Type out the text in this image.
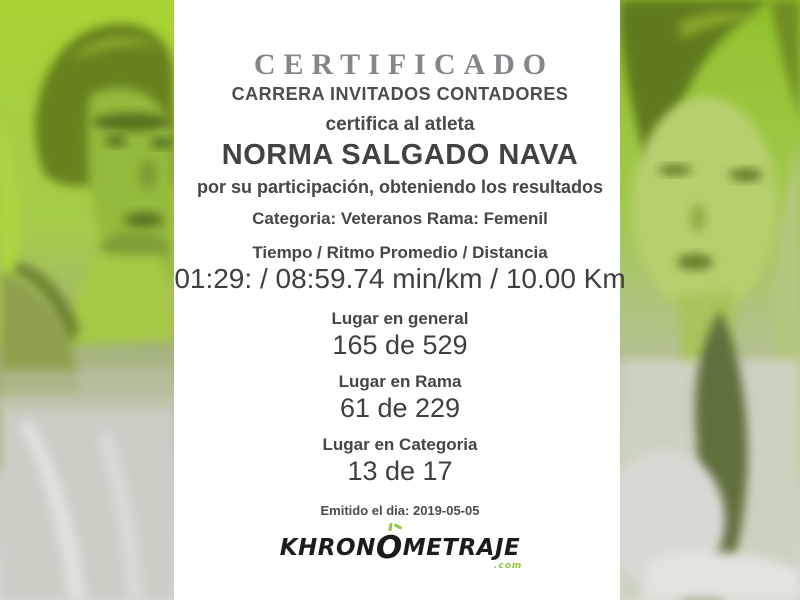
CERTIFICADO
CARRERA INVITADOS CONTADORES
certifica al atleta
NORMA SALGADO NAVA
por su participación, obteniendo los resultados
Categoria: Veteranos Rama: Femenil
Tiempo / Ritmo Promedio / Distancia
01:29: / 08:59.74 min/km / 10.00 Km
Lugar en general
165 de 529
Lugar en Rama
61 de 229
Lugar en Categoria
13 de 17
Emitido el dia: 2019-05-05
KHRON
OMETRAJE
.com
